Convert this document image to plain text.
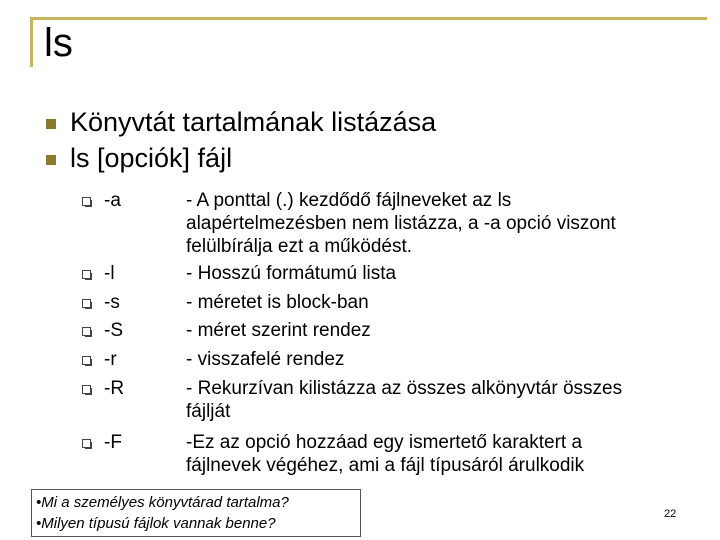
ls
Könyvtát tartalmának listázása
ls [opciók] fájl
-a	- A ponttal (.) kezdődő fájlneveket az ls alapértelmezésben nem listázza, a -a opció viszont felülbírálja ezt a működést.
-l	- Hosszú formátumú lista
-s	- méretet is block-ban
-S	- méret szerint rendez
-r	- visszafelé rendez
-R	- Rekurzívan kilistázza az összes alkönyvtár összes fájlját
-F	-Ez az opció hozzáad egy ismertető karaktert a fájlnevek végéhez, ami a fájl típusáról árulkodik
•Mi a személyes könyvtárad tartalma?
•Milyen típusú fájlok vannak benne?
22
